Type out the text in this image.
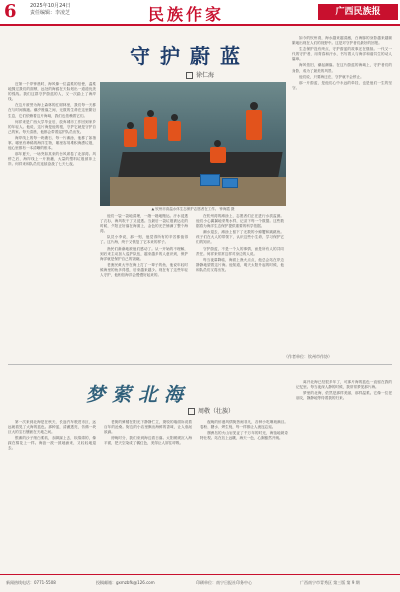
6	2025年10月24日
责任编辑：李凌芝	民族作家	广西民族报
守护蔚蓝
徐仁海

近第一个岸钟晨时，海风像一位温柔的信使，温柔地拂过我们的面颊，远处的海鸥在天际划出一道道优美的弧线。我们这群守护蔚蓝的人，又一次踏上了海岸线。

在这片被誉为海上森林的红树林里，我们每一天都在与时间赛跑。潮汐涨落之间，无数的生命在这里繁衍生息，它们依赖着这片海域，我们也依赖着它们。

何祥来是广西大学毕业后，放弃城市工作回到家乡的年轻人。他说，这片海是他的根，守护它就是守护自己的家。每天清晨，他都会带着巡护队员出发。

海岸线上的每一块礁石、每一片滩涂，他都了如指掌。哪里有珍稀的海洋生物，哪里容易堆积海漂垃圾，他心里都有一本清晰的账本。

那年夏天，一场突如其来的台风席卷了北部湾。风停之后，海岸线上一片狼藉，大量的塑料垃圾被冲上岸。何祥来和队员们连续奋战了七天七夜。

▲ 钦州市高温水体生态保护志愿者在工作。 钟海霞 摄

他们一袋一袋地清理，一趟一趟地搬运。汗水浸透了衣衫，海风吹干了又浸透。当最后一袋垃圾被运走的时候，夕阳正好落在海面上，金色的光芒铺满了整个海湾。

队员小李说，那一刻，他觉得所有的辛苦都值得了。这片海，终于又恢复了它本来的样子。

渔民们渐渐地被他们感动了。从一开始的不理解，到后来主动加入巡护队伍，越来越多的人意识到，保护海洋就是保护自己的饭碗。

老渔民黄大爷在海上打了一辈子的鱼，他说年轻时候海里的鱼多得很，后来越来越少。现在有了这些年轻人守护，他相信海洋会慢慢好起来的。

在钦州湾的滩涂上，志愿者们正在进行水质监测。他们小心翼翼地采集水样，记录下每一个数据。这些数据将为海洋生态保护提供重要的科学依据。

潮水退去，滩涂上留下了无数的小螃蟹和跳跳鱼。孩子们在大人的带领下，认识这些小生命，学习保护它们的知识。

守护蔚蓝，不是一个人的事情，而是所有人的共同责任。何祥来常常这样对身边的人说。

每当夜幕降临，海面上渔火点点，他总会站在岸边静静地望着这片海。他知道，明天太阳升起的时候，他和队员们又将出发。

如今的钦州湾，海水越来越清澈，白海豚的身影越来越频繁地出现在人们的视野中。这是对守护者们最好的回报。

生态保护没有终点，守护蔚蓝的故事还在继续。一代又一代的守护者，用青春和汗水，书写着人与海洋和谐共生的动人篇章。

海风依旧，潮起潮落。在这片蔚蓝的海域上，守护者们的身影，成为了最美的风景。

他们说，只要海还在，守护就不会停止。

那一片蔚蓝，是他们心中永远的牵挂，也是他们一生的坚守。

（作者单位：钦州市作协）
梦萦北海
周敬（壮族）

第一次来到北海是在秋天，长途汽车驶进市区，远远就看见了大海的蓝色。那种蓝，清澈透亮，仿佛一块巨大的宝石镶嵌在天地之间。

银滩的沙子细白柔软，赤脚踩上去，软绵绵的，像踩在棉花上一样。海浪一波一波地涌来，又轻轻地退去。

老街的骑楼在阳光下静静伫立，斑驳的墙面诉说着百年的沧桑。街边的小店里飘出海鲜的香味，让人垂涎欲滴。

傍晚时分，我们来到海边看日落。太阳缓缓沉入海平面，把天空染成了橘红色，美得让人屏住呼吸。

夜晚的侨港风情街热闹非凡，各种小吃琳琅满目。卷粉、糖水、烤生蚝，每一样都让人流连忘返。

涠洲岛的火山岩见证了千万年的时光，海蚀地貌奇特壮观。站在岛上远眺，海天一色，心胸豁然开朗。

离开北海已经很多年了，可那片海的蓝色一直留在我的记忆里。每当夜深人静的时候，我常常梦见那片海。

梦里的北海，依然是那样美丽，那样温柔。它像一位老朋友，静静地等待着我的归来。

新闻热线电话：0771-5508	投稿邮箱：gxmzbfk@126.com	印刷单位：南宁日报社印务中心	广西南宁市青秀区 第三版 第 9 期
